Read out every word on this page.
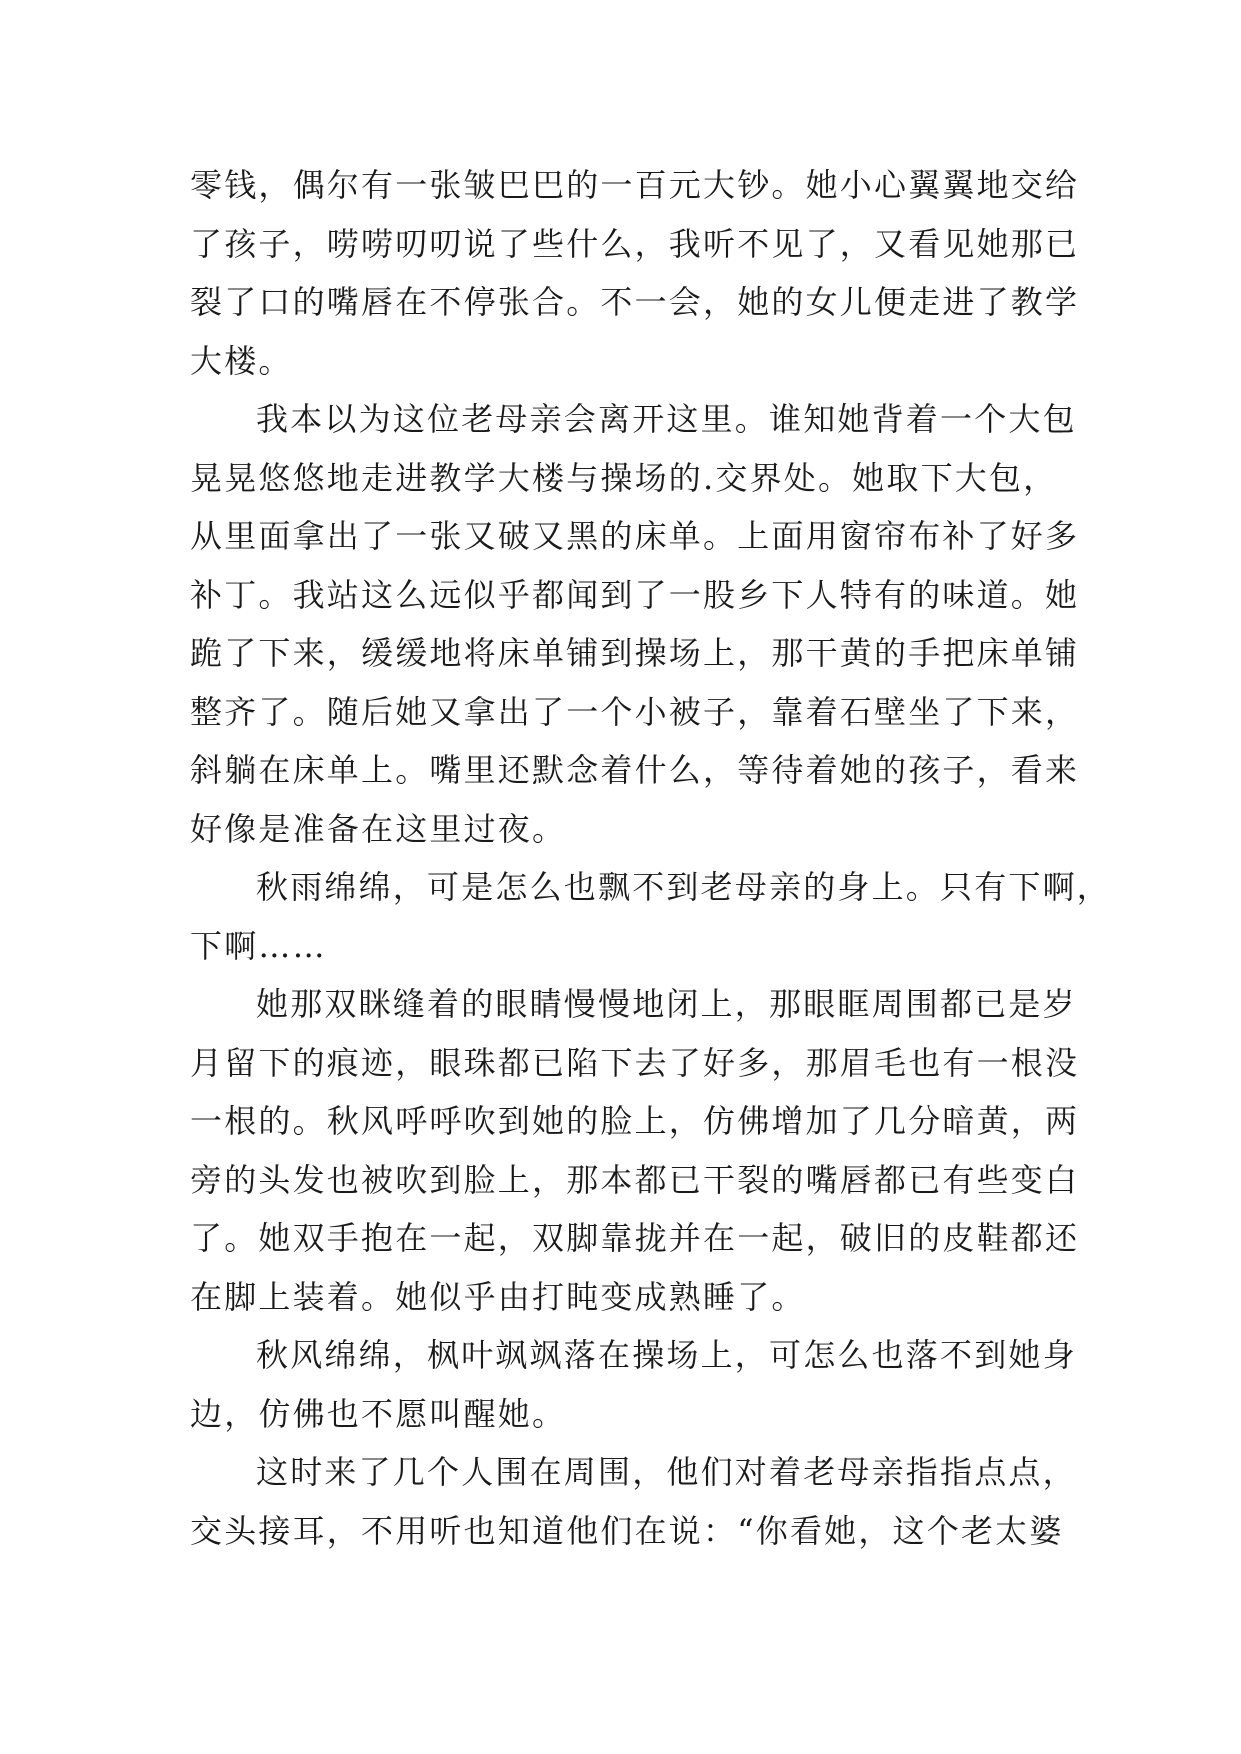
零钱，偶尔有一张皱巴巴的一百元大钞。她小心翼翼地交给
了孩子，唠唠叨叨说了些什么，我听不见了，又看见她那已
裂了口的嘴唇在不停张合。不一会，她的女儿便走进了教学
大楼。
我本以为这位老母亲会离开这里。谁知她背着一个大包
晃晃悠悠地走进教学大楼与操场的.交界处。她取下大包，
从里面拿出了一张又破又黑的床单。上面用窗帘布补了好多
补丁。我站这么远似乎都闻到了一股乡下人特有的味道。她
跪了下来，缓缓地将床单铺到操场上，那干黄的手把床单铺
整齐了。随后她又拿出了一个小被子，靠着石壁坐了下来，
斜躺在床单上。嘴里还默念着什么，等待着她的孩子，看来
好像是准备在这里过夜。
秋雨绵绵，可是怎么也飘不到老母亲的身上。只有下啊，
下啊……
她那双眯缝着的眼睛慢慢地闭上，那眼眶周围都已是岁
月留下的痕迹，眼珠都已陷下去了好多，那眉毛也有一根没
一根的。秋风呼呼吹到她的脸上，仿佛增加了几分暗黄，两
旁的头发也被吹到脸上，那本都已干裂的嘴唇都已有些变白
了。她双手抱在一起，双脚靠拢并在一起，破旧的皮鞋都还
在脚上装着。她似乎由打盹变成熟睡了。
秋风绵绵，枫叶飒飒落在操场上，可怎么也落不到她身
边，仿佛也不愿叫醒她。
这时来了几个人围在周围，他们对着老母亲指指点点，
交头接耳，不用听也知道他们在说：“你看她，这个老太婆
